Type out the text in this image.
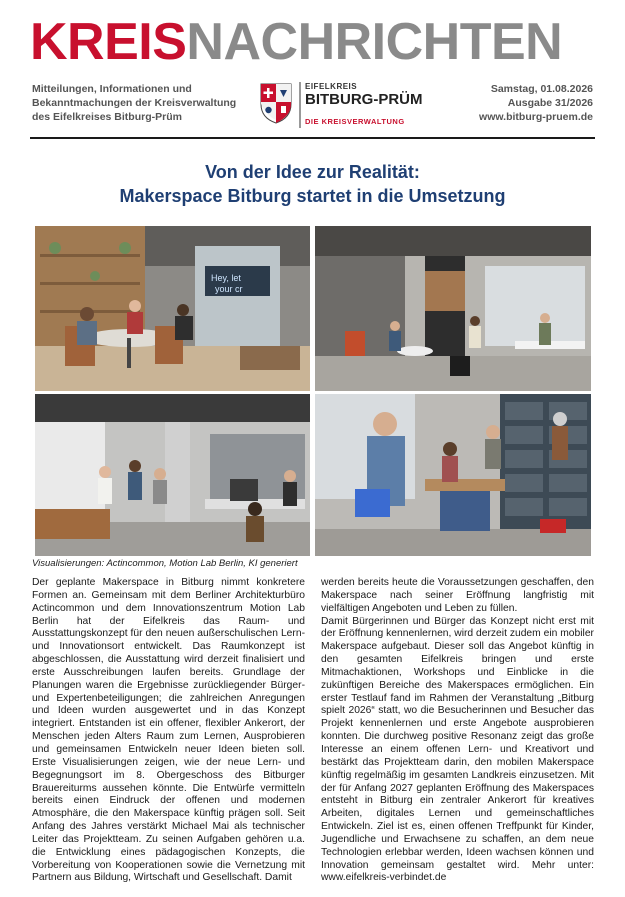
KREISNACHRICHTEN
Mitteilungen, Informationen und
Bekanntmachungen der Kreisverwaltung
des Eifelkreises Bitburg-Prüm
EIFELKREIS
BITBURG-PRÜM
DIE KREISVERWALTUNG
Samstag, 01.08.2026
Ausgabe 31/2026
www.bitburg-pruem.de
Von der Idee zur Realität:
Makerspace Bitburg startet in die Umsetzung
Hey, let
your cr
Visualisierungen: Actincommon, Motion Lab Berlin, KI generiert

Der geplante Makerspace in Bitburg nimmt konkretere Formen an. Gemeinsam mit dem Berliner Architekturbüro Actincommon und dem Innovationszentrum Motion Lab Berlin hat der Eifelkreis das Raum- und Ausstattungskonzept für den neuen außerschulischen Lern- und Innovationsort entwickelt. Das Raumkonzept ist abgeschlossen, die Ausstattung wird derzeit finalisiert und erste Ausschreibungen laufen bereits. Grundlage der Planungen waren die Ergebnisse zurückliegender Bürger- und Expertenbeteiligungen; die zahlreichen Anregungen und Ideen wurden ausgewertet und in das Konzept integriert. Entstanden ist ein offener, flexibler Ankerort, der Menschen jeden Alters Raum zum Lernen, Ausprobieren und gemeinsamen Entwickeln neuer Ideen bieten soll. Erste Visualisierungen zeigen, wie der neue Lern- und Begegnungsort im 8. Obergeschoss des Bitburger Brauereiturms aussehen könnte. Die Entwürfe vermitteln bereits einen Eindruck der offenen und modernen Atmosphäre, die den Makerspace künftig prägen soll. Seit Anfang des Jahres verstärkt Michael Mai als technischer Leiter das Projektteam. Zu seinen Aufgaben gehören u.a. die Entwicklung eines pädagogischen Konzepts, die Vorbereitung von Kooperationen sowie die Vernetzung mit Partnern aus Bildung, Wirtschaft und Gesellschaft. Damit

werden bereits heute die Voraussetzungen geschaffen, den Makerspace nach seiner Eröffnung langfristig mit vielfältigen Angeboten und Leben zu füllen.

Damit Bürgerinnen und Bürger das Konzept nicht erst mit der Eröffnung kennenlernen, wird derzeit zudem ein mobiler Makerspace aufgebaut. Dieser soll das Angebot künftig in den gesamten Eifelkreis bringen und erste Mitmachaktionen, Workshops und Einblicke in die zukünftigen Bereiche des Makerspaces ermöglichen. Ein erster Testlauf fand im Rahmen der Veranstaltung „Bitburg spielt 2026“ statt, wo die Besucherinnen und Besucher das Projekt kennenlernen und erste Angebote ausprobieren konnten. Die durchweg positive Resonanz zeigt das große Interesse an einem offenen Lern- und Kreativort und bestärkt das Projektteam darin, den mobilen Makerspace künftig regelmäßig im gesamten Landkreis einzusetzen. Mit der für Anfang 2027 geplanten Eröffnung des Makerspaces entsteht in Bitburg ein zentraler Ankerort für kreatives Arbeiten, digitales Lernen und gemeinschaftliches Entwickeln. Ziel ist es, einen offenen Treffpunkt für Kinder, Jugendliche und Erwachsene zu schaffen, an dem neue Technologien erlebbar werden, Ideen wachsen können und Innovation gemeinsam gestaltet wird. Mehr unter: www.eifelkreis-verbindet.de
